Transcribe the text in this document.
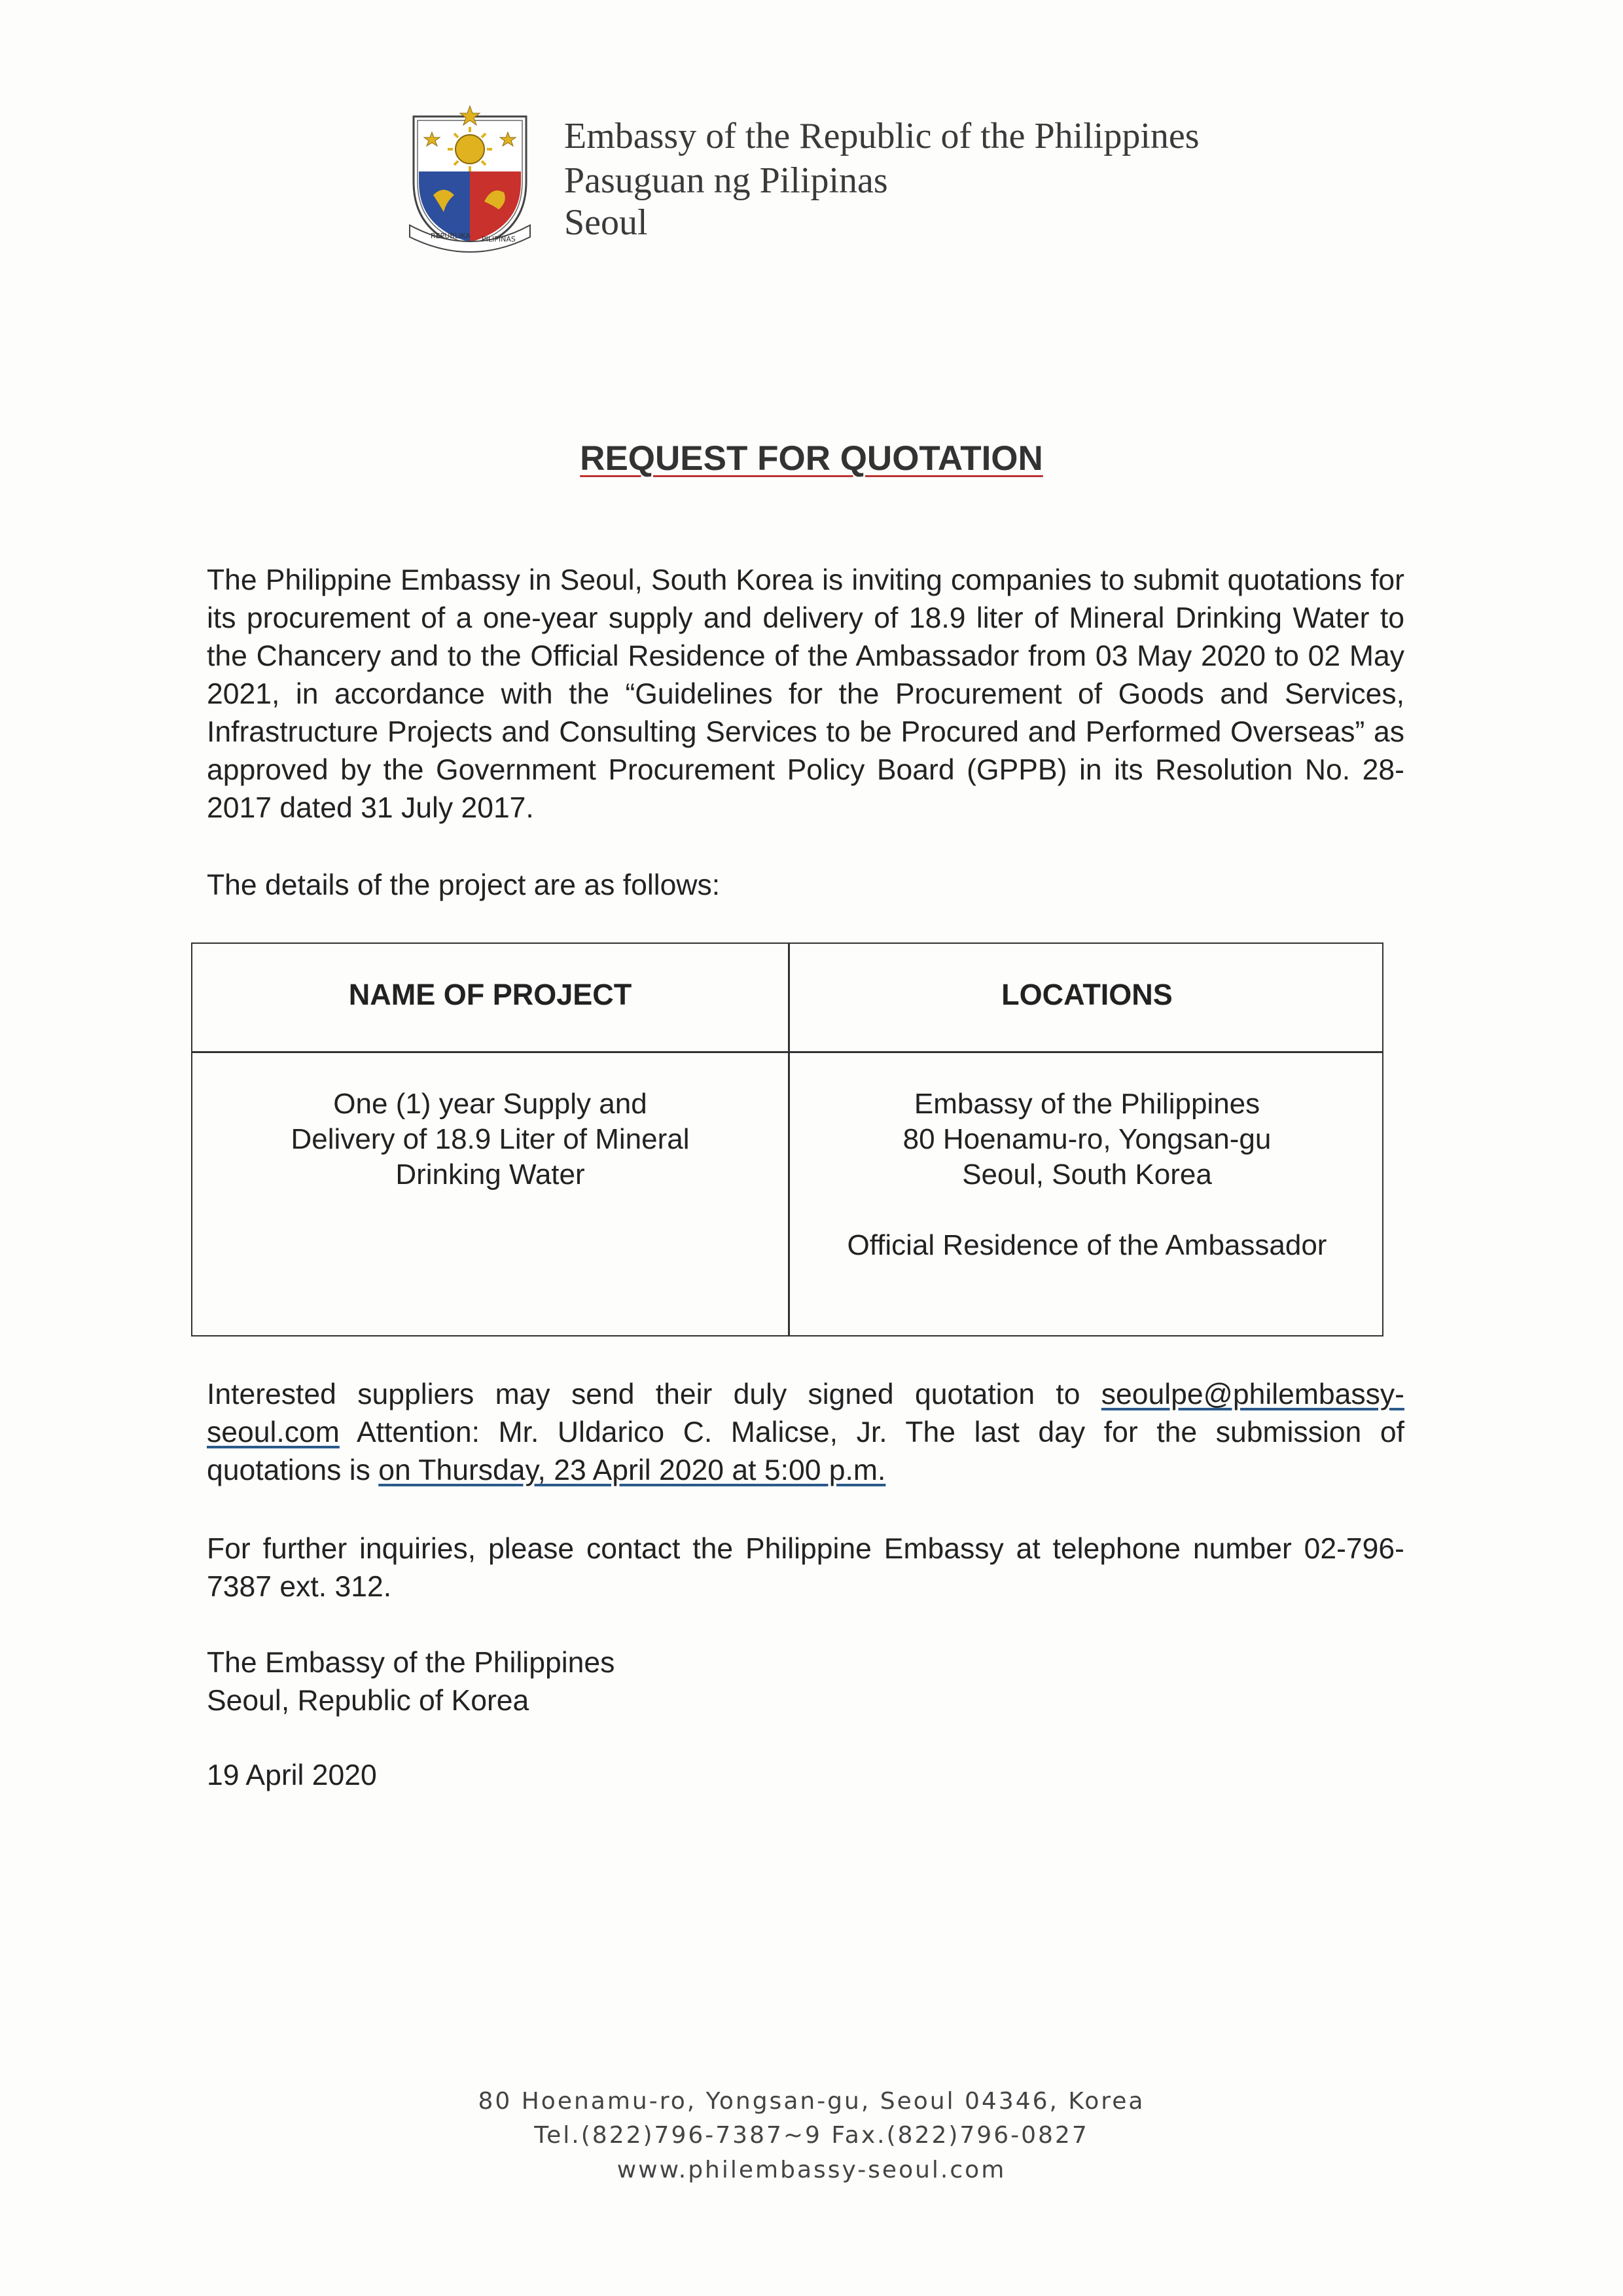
REPUBLIKA PILIPINAS
Embassy of the Republic of the Philippines
Pasuguan ng Pilipinas
Seoul
REQUEST FOR QUOTATION
The Philippine Embassy in Seoul, South Korea is inviting companies to submit quotations for its procurement of a one-year supply and delivery of 18.9 liter of Mineral Drinking Water to the Chancery and to the Official Residence of the Ambassador from 03 May 2020 to 02 May 2021, in accordance with the “Guidelines for the Procurement of Goods and Services, Infrastructure Projects and Consulting Services to be Procured and Performed Overseas” as approved by the Government Procurement Policy Board (GPPB) in its Resolution No. 28-2017 dated 31 July 2017.
The details of the project are as follows:
NAME OF PROJECT	LOCATIONS
One (1) year Supply and
Delivery of 18.9 Liter of Mineral
Drinking Water
Embassy of the Philippines
80 Hoenamu-ro, Yongsan-gu
Seoul, South Korea
Official Residence of the Ambassador
Interested suppliers may send their duly signed quotation to seoulpe@philembassy-seoul.com Attention: Mr. Uldarico C. Malicse, Jr. The last day for the submission of quotations is on Thursday, 23 April 2020 at 5:00 p.m.
For further inquiries, please contact the Philippine Embassy at telephone number 02-796-7387 ext. 312.
The Embassy of the Philippines
Seoul, Republic of Korea
19 April 2020
80 Hoenamu-ro, Yongsan-gu, Seoul 04346, Korea
Tel.(822)796-7387~9 Fax.(822)796-0827
www.philembassy-seoul.com
